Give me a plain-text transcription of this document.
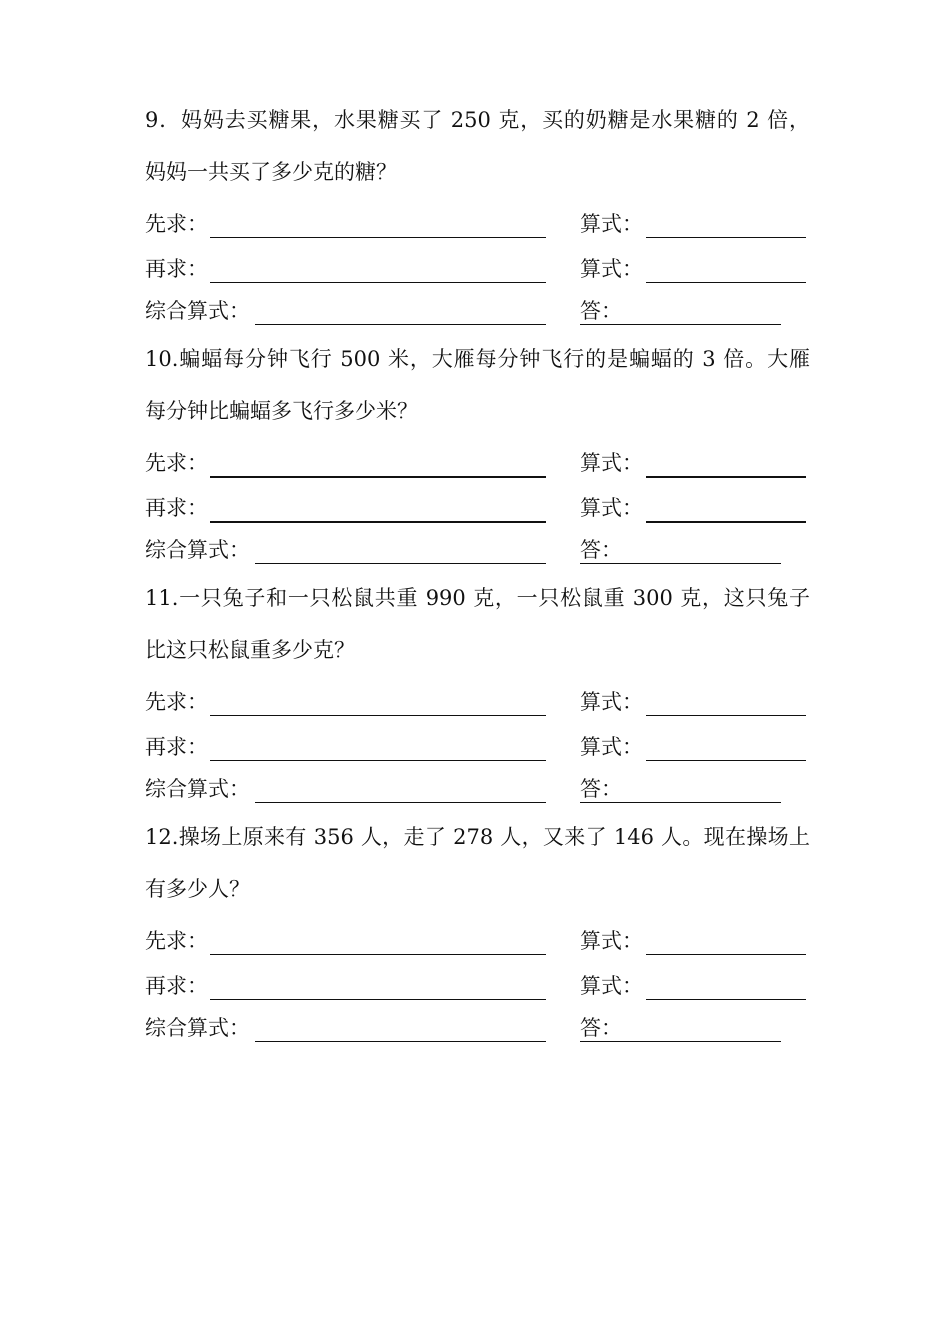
9．妈妈去买糖果，水果糖买了 250 克，买的奶糖是水果糖的 2 倍，
妈妈一共买了多少克的糖？
先求：	算式：
再求：	算式：
综合算式：	答：
10.蝙蝠每分钟飞行 500 米，大雁每分钟飞行的是蝙蝠的 3 倍。大雁
每分钟比蝙蝠多飞行多少米？
先求：	算式：
再求：	算式：
综合算式：	答：
11.一只兔子和一只松鼠共重 990 克，一只松鼠重 300 克，这只兔子
比这只松鼠重多少克？
先求：	算式：
再求：	算式：
综合算式：	答：
12.操场上原来有 356 人，走了 278 人，又来了 146 人。现在操场上
有多少人？
先求：	算式：
再求：	算式：
综合算式：	答：
